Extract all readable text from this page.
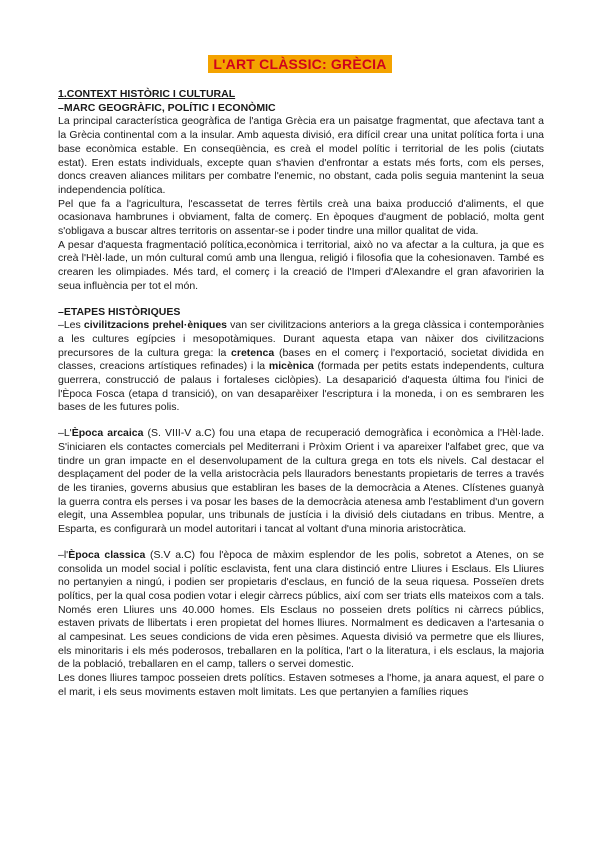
L'ART CLÀSSIC: GRÈCIA
1.CONTEXT HISTÒRIC I CULTURAL
–MARC GEOGRÀFIC, POLÍTIC I ECONÒMIC

La principal característica geogràfica de l'antiga Grècia era un paisatge fragmentat, que afectava tant a la Grècia continental com a la insular. Amb aquesta divisió, era difícil crear una unitat política forta i una base econòmica estable. En conseqüència, es creà el model polític i territorial de les polis (ciutats estat). Eren estats individuals, excepte quan s'havien d'enfrontar a estats més forts, com els perses, doncs creaven aliances militars per combatre l'enemic, no obstant, cada polis seguia mantenint la seua independencia política.

Pel que fa a l'agricultura, l'escassetat de terres fèrtils creà una baixa producció d'aliments, el que ocasionava hambrunes i obviament, falta de comerç. En èpoques d'augment de població, molta gent s'obligava a buscar altres territoris on assentar-se i poder tindre una millor qualitat de vida.

A pesar d'aquesta fragmentació política,econòmica i territorial, això no va afectar a la cultura, ja que es creà l'Hèl·lade, un món cultural comú amb una llengua, religió i filosofia que la cohesionaven. També es crearen les olimpiades. Més tard, el comerç i la creació de l'Imperi d'Alexandre el gran afavoririen la seua influència per tot el món.

–ETAPES HISTÒRIQUES

–Les civilitzacions prehel·èniques van ser civilitzacions anteriors a la grega clàssica i contemporànies a les cultures egípcies i mesopotàmiques. Durant aquesta etapa van nàixer dos civilitzacions precursores de la cultura grega: la cretenca (bases en el comerç i l'exportació, societat dividida en classes, creacions artístiques refinades) i la micènica (formada per petits estats independents, cultura guerrera, construcció de palaus i fortaleses ciclòpies). La desaparició d'aquesta última fou l'inici de l'Època Fosca (etapa d transició), on van desaparèixer l'escriptura i la moneda, i on es sembraren les bases de les futures polis.

–L'Època arcaica (S. VIII-V a.C) fou una etapa de recuperació demogràfica i econòmica a l'Hèl·lade. S'iniciaren els contactes comercials pel Mediterrani i Pròxim Orient i va apareixer l'alfabet grec, que va tindre un gran impacte en el desenvolupament de la cultura grega en tots els nivels. Cal destacar el desplaçament del poder de la vella aristocràcia pels llauradors benestants propietaris de terres a través de les tiranies, governs abusius que establiran les bases de la democràcia a Atenes. Clístenes guanyà la guerra contra els perses i va posar les bases de la democràcia atenesa amb l'establiment d'un govern elegit, una Assemblea popular, uns tribunals de justícia i la divisió dels ciutadans en tribus. Mentre, a Esparta, es configurarà un model autoritari i tancat al voltant d'una minoria aristocràtica.

–l'Època classica (S.V a.C) fou l'època de màxim esplendor de les polis, sobretot a Atenes, on se consolida un model social i polític esclavista, fent una clara distinció entre Lliures i Esclaus. Els Lliures no pertanyien a ningú, i podien ser propietaris d'esclaus, en funció de la seua riquesa. Posseïen drets polítics, per la qual cosa podien votar i elegir càrrecs públics, així com ser triats ells mateixos com a tals. Només eren Lliures uns 40.000 homes. Els Esclaus no posseien drets polítics ni càrrecs públics, estaven privats de llibertats i eren propietat del homes lliures. Normalment es dedicaven a l'artesania o al campesinat. Les seues condicions de vida eren pèsimes. Aquesta divisió va permetre que els lliures, els minoritaris i els més poderosos, treballaren en la política, l'art o la literatura, i els esclaus, la majoria de la població, treballaren en el camp, tallers o servei domestic.

Les dones lliures tampoc posseien drets polítics. Estaven sotmeses a l'home, ja anara aquest, el pare o el marit, i els seus moviments estaven molt limitats. Les que pertanyien a famílies riques
